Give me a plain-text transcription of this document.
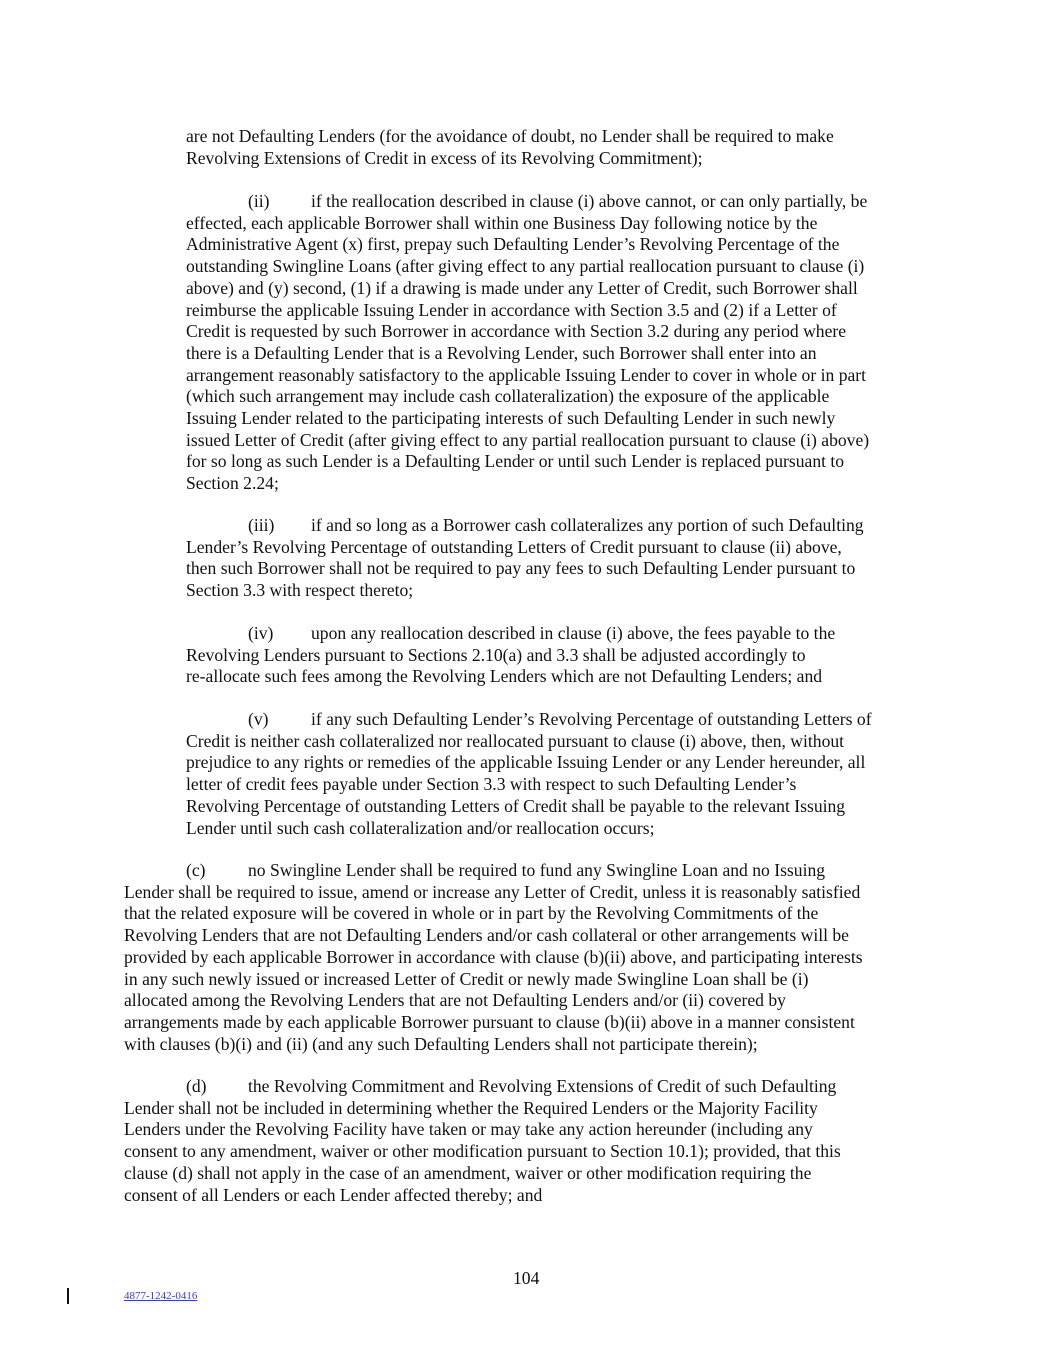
are not Defaulting Lenders (for the avoidance of doubt, no Lender shall be required to make
Revolving Extensions of Credit in excess of its Revolving Commitment);
(ii) if the reallocation described in clause (i) above cannot, or can only partially, be
effected, each applicable Borrower shall within one Business Day following notice by the
Administrative Agent (x) first, prepay such Defaulting Lender’s Revolving Percentage of the
outstanding Swingline Loans (after giving effect to any partial reallocation pursuant to clause (i)
above) and (y) second, (1) if a drawing is made under any Letter of Credit, such Borrower shall
reimburse the applicable Issuing Lender in accordance with Section 3.5 and (2) if a Letter of
Credit is requested by such Borrower in accordance with Section 3.2 during any period where
there is a Defaulting Lender that is a Revolving Lender, such Borrower shall enter into an
arrangement reasonably satisfactory to the applicable Issuing Lender to cover in whole or in part
(which such arrangement may include cash collateralization) the exposure of the applicable
Issuing Lender related to the participating interests of such Defaulting Lender in such newly
issued Letter of Credit (after giving effect to any partial reallocation pursuant to clause (i) above)
for so long as such Lender is a Defaulting Lender or until such Lender is replaced pursuant to
Section 2.24;
(iii) if and so long as a Borrower cash collateralizes any portion of such Defaulting
Lender’s Revolving Percentage of outstanding Letters of Credit pursuant to clause (ii) above,
then such Borrower shall not be required to pay any fees to such Defaulting Lender pursuant to
Section 3.3 with respect thereto;
(iv) upon any reallocation described in clause (i) above, the fees payable to the
Revolving Lenders pursuant to Sections 2.10(a) and 3.3 shall be adjusted accordingly to
re-allocate such fees among the Revolving Lenders which are not Defaulting Lenders; and
(v) if any such Defaulting Lender’s Revolving Percentage of outstanding Letters of
Credit is neither cash collateralized nor reallocated pursuant to clause (i) above, then, without
prejudice to any rights or remedies of the applicable Issuing Lender or any Lender hereunder, all
letter of credit fees payable under Section 3.3 with respect to such Defaulting Lender’s
Revolving Percentage of outstanding Letters of Credit shall be payable to the relevant Issuing
Lender until such cash collateralization and/or reallocation occurs;
(c) no Swingline Lender shall be required to fund any Swingline Loan and no Issuing
Lender shall be required to issue, amend or increase any Letter of Credit, unless it is reasonably satisfied
that the related exposure will be covered in whole or in part by the Revolving Commitments of the
Revolving Lenders that are not Defaulting Lenders and/or cash collateral or other arrangements will be
provided by each applicable Borrower in accordance with clause (b)(ii) above, and participating interests
in any such newly issued or increased Letter of Credit or newly made Swingline Loan shall be (i)
allocated among the Revolving Lenders that are not Defaulting Lenders and/or (ii) covered by
arrangements made by each applicable Borrower pursuant to clause (b)(ii) above in a manner consistent
with clauses (b)(i) and (ii) (and any such Defaulting Lenders shall not participate therein);
(d) the Revolving Commitment and Revolving Extensions of Credit of such Defaulting
Lender shall not be included in determining whether the Required Lenders or the Majority Facility
Lenders under the Revolving Facility have taken or may take any action hereunder (including any
consent to any amendment, waiver or other modification pursuant to Section 10.1); provided, that this
clause (d) shall not apply in the case of an amendment, waiver or other modification requiring the
consent of all Lenders or each Lender affected thereby; and
104
4877-1242-0416
